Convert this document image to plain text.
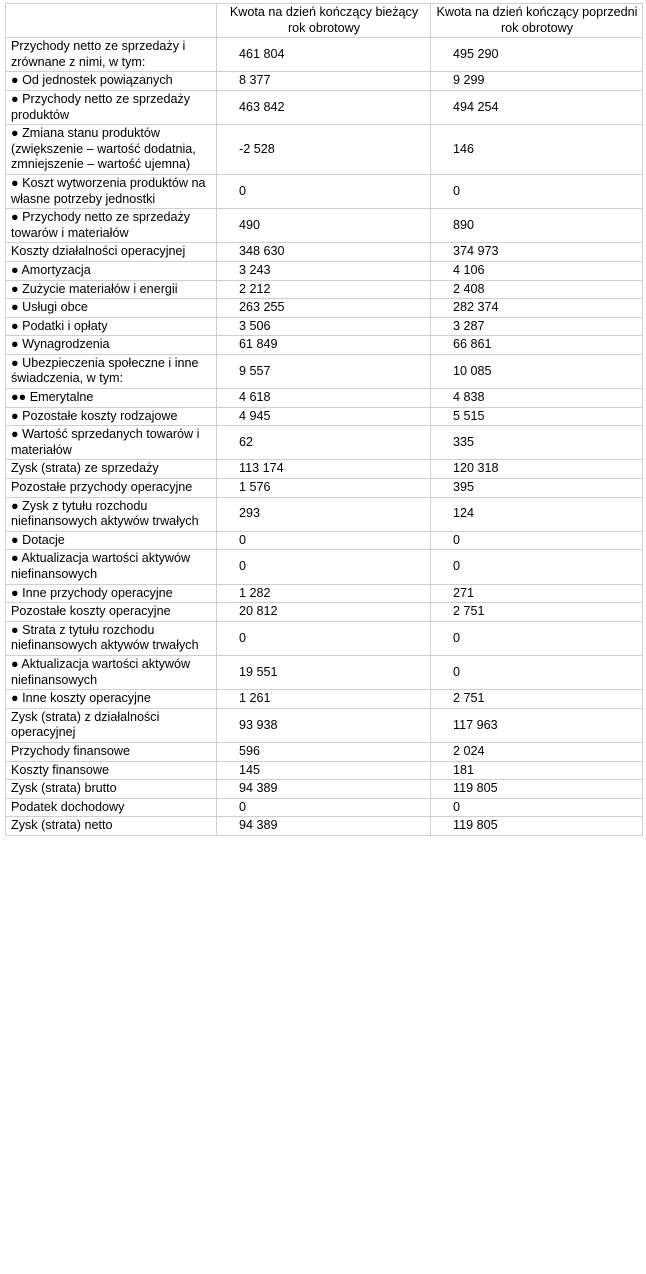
	Kwota na dzień kończący bieżący rok obrotowy	Kwota na dzień kończący poprzedni rok obrotowy
Przychody netto ze sprzedaży i zrównane z nimi, w tym:	461 804	495 290
● Od jednostek powiązanych	8 377	9 299
● Przychody netto ze sprzedaży produktów	463 842	494 254
● Zmiana stanu produktów (zwiększenie – wartość dodatnia, zmniejszenie – wartość ujemna)	-2 528	146
● Koszt wytworzenia produktów na własne potrzeby jednostki	0	0
● Przychody netto ze sprzedaży towarów i materiałów	490	890
Koszty działalności operacyjnej	348 630	374 973
● Amortyzacja	3 243	4 106
● Zużycie materiałów i energii	2 212	2 408
● Usługi obce	263 255	282 374
● Podatki i opłaty	3 506	3 287
● Wynagrodzenia	61 849	66 861
● Ubezpieczenia społeczne i inne świadczenia, w tym:	9 557	10 085
●● Emerytalne	4 618	4 838
● Pozostałe koszty rodzajowe	4 945	5 515
● Wartość sprzedanych towarów i materiałów	62	335
Zysk (strata) ze sprzedaży	113 174	120 318
Pozostałe przychody operacyjne	1 576	395
● Zysk z tytułu rozchodu niefinansowych aktywów trwałych	293	124
● Dotacje	0	0
● Aktualizacja wartości aktywów niefinansowych	0	0
● Inne przychody operacyjne	1 282	271
Pozostałe koszty operacyjne	20 812	2 751
● Strata z tytułu rozchodu niefinansowych aktywów trwałych	0	0
● Aktualizacja wartości aktywów niefinansowych	19 551	0
● Inne koszty operacyjne	1 261	2 751
Zysk (strata) z działalności operacyjnej	93 938	117 963
Przychody finansowe	596	2 024
Koszty finansowe	145	181
Zysk (strata) brutto	94 389	119 805
Podatek dochodowy	0	0
Zysk (strata) netto	94 389	119 805
